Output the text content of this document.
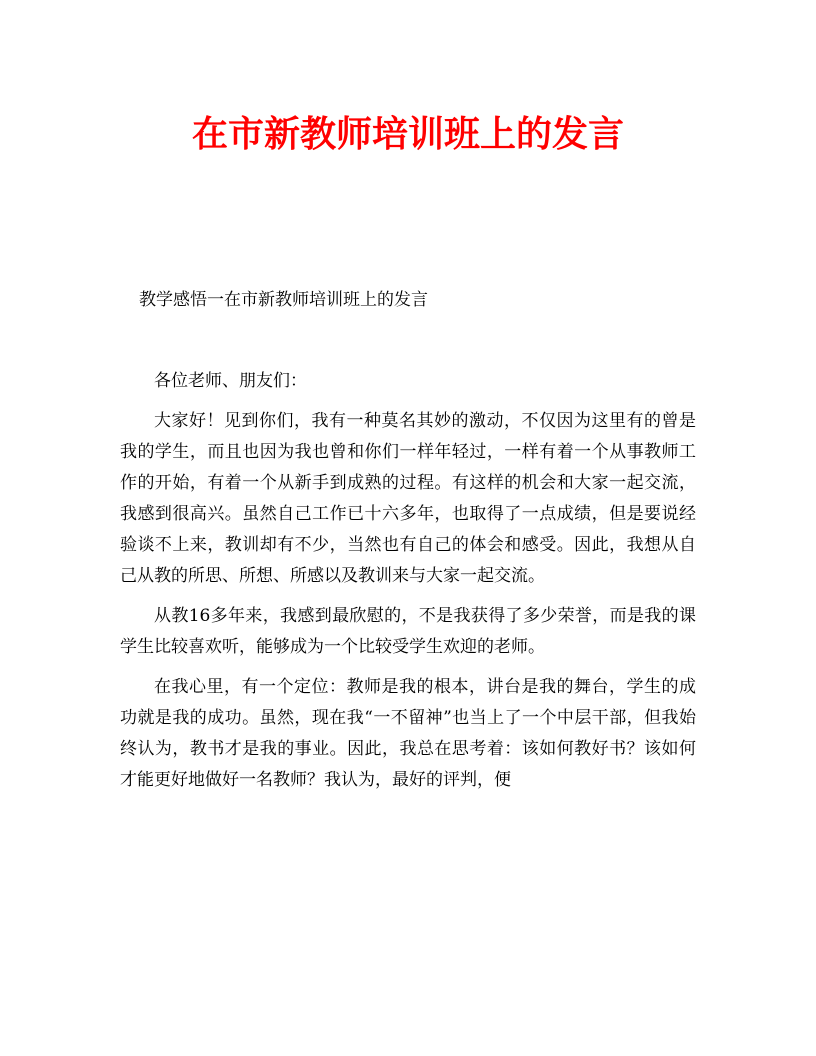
在市新教师培训班上的发言
教学感悟一在市新教师培训班上的发言

各位老师、朋友们：

大家好！见到你们，我有一种莫名其妙的激动，不仅因为这里有的曾是我的学生，而且也因为我也曾和你们一样年轻过，一样有着一个从事教师工作的开始，有着一个从新手到成熟的过程。有这样的机会和大家一起交流，我感到很高兴。虽然自己工作已十六多年，也取得了一点成绩，但是要说经验谈不上来，教训却有不少，当然也有自己的体会和感受。因此，我想从自己从教的所思、所想、所感以及教训来与大家一起交流。

从教16多年来，我感到最欣慰的，不是我获得了多少荣誉，而是我的课学生比较喜欢听，能够成为一个比较受学生欢迎的老师。

在我心里，有一个定位：教师是我的根本，讲台是我的舞台，学生的成功就是我的成功。虽然，现在我“一不留神”也当上了一个中层干部，但我始终认为，教书才是我的事业。因此，我总在思考着：该如何教好书？该如何才能更好地做好一名教师？我认为，最好的评判，便
